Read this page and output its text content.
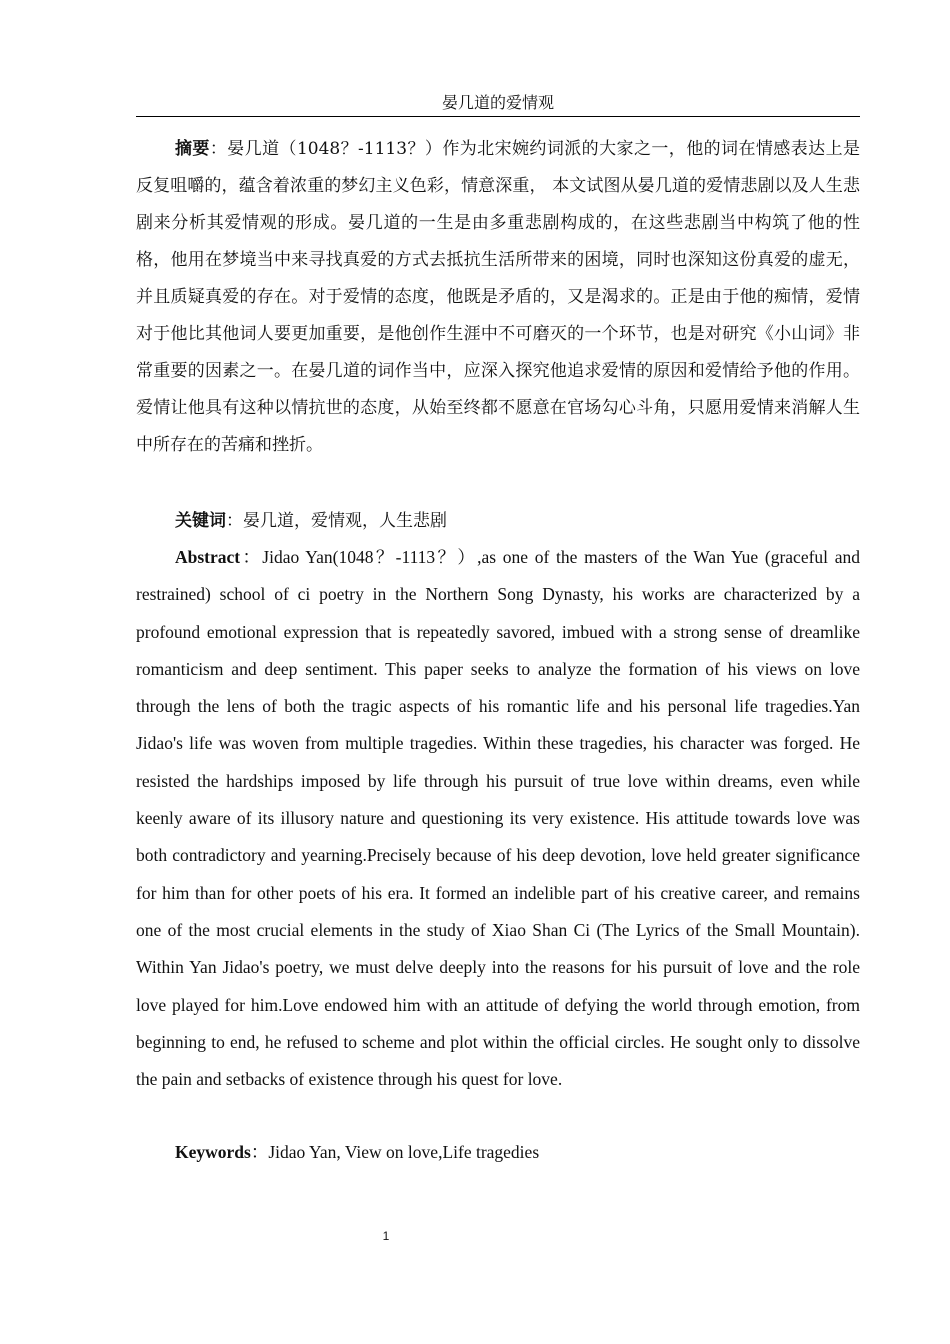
晏几道的爱情观

摘要：晏几道（1048？-1113？）作为北宋婉约词派的大家之一，他的词在情感表达上是反复咀嚼的，蕴含着浓重的梦幻主义色彩，情意深重， 本文试图从晏几道的爱情悲剧以及人生悲剧来分析其爱情观的形成。晏几道的一生是由多重悲剧构成的，在这些悲剧当中构筑了他的性格，他用在梦境当中来寻找真爱的方式去抵抗生活所带来的困境，同时也深知这份真爱的虚无，并且质疑真爱的存在。对于爱情的态度，他既是矛盾的，又是渴求的。正是由于他的痴情，爱情对于他比其他词人要更加重要，是他创作生涯中不可磨灭的一个环节，也是对研究《小山词》非常重要的因素之一。在晏几道的词作当中，应深入探究他追求爱情的原因和爱情给予他的作用。爱情让他具有这种以情抗世的态度，从始至终都不愿意在官场勾心斗角，只愿用爱情来消解人生中所存在的苦痛和挫折。

关键词：晏几道，爱情观，人生悲剧

Abstract：Jidao Yan(1048？-1113？）,as one of the masters of the Wan Yue (graceful and restrained) school of ci poetry in the Northern Song Dynasty, his works are characterized by a profound emotional expression that is repeatedly savored, imbued with a strong sense of dreamlike romanticism and deep sentiment. This paper seeks to analyze the formation of his views on love through the lens of both the tragic aspects of his romantic life and his personal life tragedies.Yan Jidao's life was woven from multiple tragedies. Within these tragedies, his character was forged. He resisted the hardships imposed by life through his pursuit of true love within dreams, even while keenly aware of its illusory nature and questioning its very existence. His attitude towards love was both contradictory and yearning.Precisely because of his deep devotion, love held greater significance for him than for other poets of his era. It formed an indelible part of his creative career, and remains one of the most crucial elements in the study of Xiao Shan Ci (The Lyrics of the Small Mountain). Within Yan Jidao's poetry, we must delve deeply into the reasons for his pursuit of love and the role love played for him.Love endowed him with an attitude of defying the world through emotion, from beginning to end, he refused to scheme and plot within the official circles. He sought only to dissolve the pain and setbacks of existence through his quest for love.

Keywords：Jidao Yan, View on love,Life tragedies

1
